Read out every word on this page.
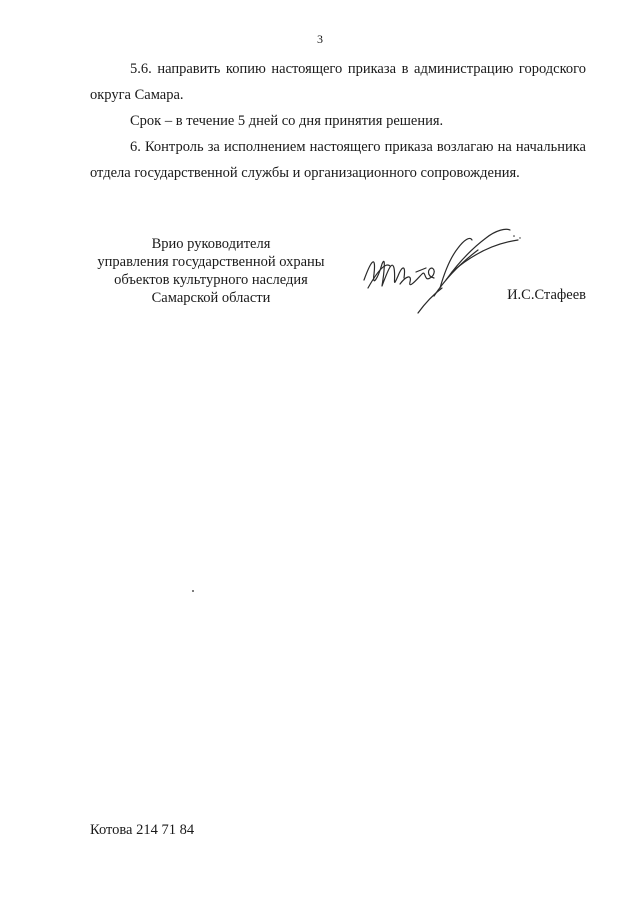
3

5.6. направить копию настоящего приказа в администрацию городского округа Самара.

Срок – в течение 5 дней со дня принятия решения.

6. Контроль за исполнением настоящего приказа возлагаю на начальника отдела государственной службы и организационного сопровождения.

Врио руководителя
управления государственной охраны
объектов культурного наследия
Самарской области	И.С.Стафеев
Котова 214 71 84
